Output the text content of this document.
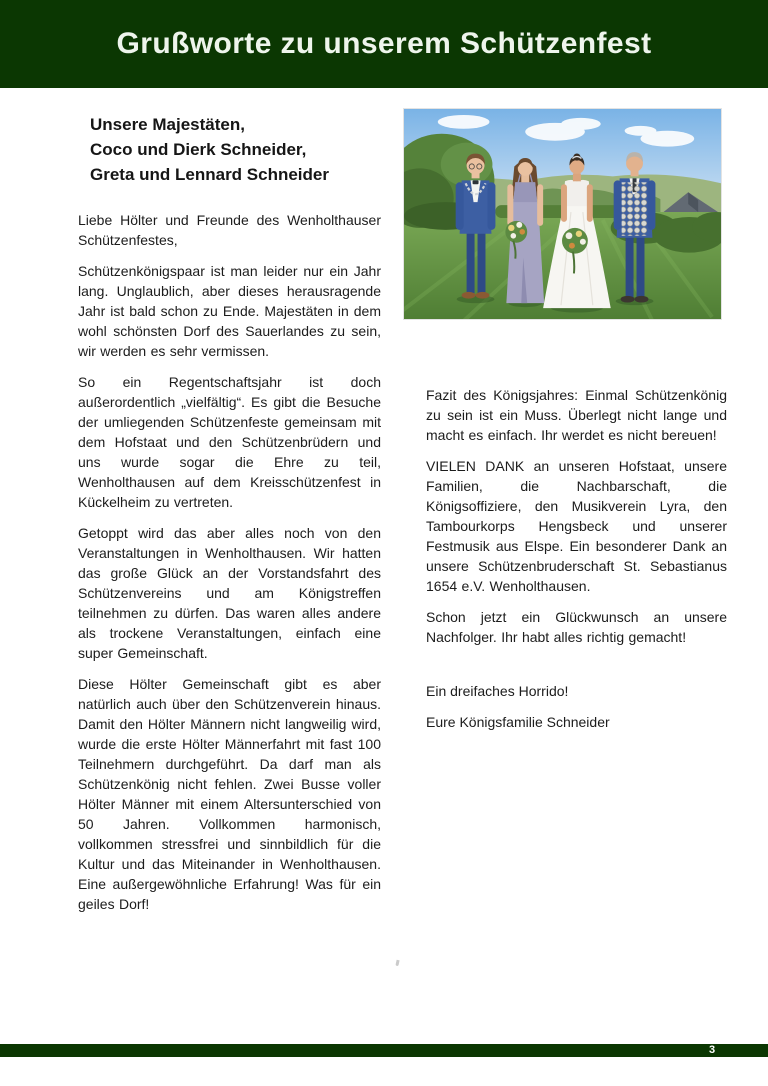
Grußworte zu unserem Schützenfest
Unsere Majestäten,
Coco und Dierk Schneider,
Greta und Lennard Schneider

Liebe Hölter und Freunde des Wenholthauser Schützenfestes,

Schützenkönigspaar ist man leider nur ein Jahr lang. Unglaublich, aber dieses herausragende Jahr ist bald schon zu Ende. Majestäten in dem wohl schönsten Dorf des Sauerlandes zu sein, wir werden es sehr vermissen.

So ein Regentschaftsjahr ist doch außerordentlich „vielfältig“. Es gibt die Besuche der umliegenden Schützenfeste gemeinsam mit dem Hofstaat und den Schützenbrüdern und uns wurde sogar die Ehre zu teil, Wenholthausen auf dem Kreisschützenfest in Kückelheim zu vertreten.

Getoppt wird das aber alles noch von den Veranstaltungen in Wenholthausen. Wir hatten das große Glück an der Vorstandsfahrt des Schützenvereins und am Königstreffen teilnehmen zu dürfen. Das waren alles andere als trockene Veranstaltungen, einfach eine super Gemeinschaft.

Diese Hölter Gemeinschaft gibt es aber natürlich auch über den Schützenverein hinaus. Damit den Hölter Männern nicht langweilig wird, wurde die erste Hölter Männerfahrt mit fast 100 Teilnehmern durchgeführt. Da darf man als Schützenkönig nicht fehlen. Zwei Busse voller Hölter Männer mit einem Altersunterschied von 50 Jahren. Vollkommen harmonisch, vollkommen stressfrei und sinnbildlich für die Kultur und das Miteinander in Wenholthausen. Eine außergewöhnliche Erfahrung! Was für ein geiles Dorf!

Fazit des Königsjahres: Einmal Schützenkönig zu sein ist ein Muss. Überlegt nicht lange und macht es einfach. Ihr werdet es nicht bereuen!

VIELEN DANK an unseren Hofstaat, unsere Familien, die Nachbarschaft, die Königsoffiziere, den Musikverein Lyra, den Tambourkorps Hengsbeck und unserer Festmusik aus Elspe. Ein besonderer Dank an unsere Schützenbruderschaft St. Sebastianus 1654 e.V. Wenholthausen.

Schon jetzt ein Glückwunsch an unsere Nachfolger. Ihr habt alles richtig gemacht!

Ein dreifaches Horrido!

Eure Königsfamilie Schneider

3
